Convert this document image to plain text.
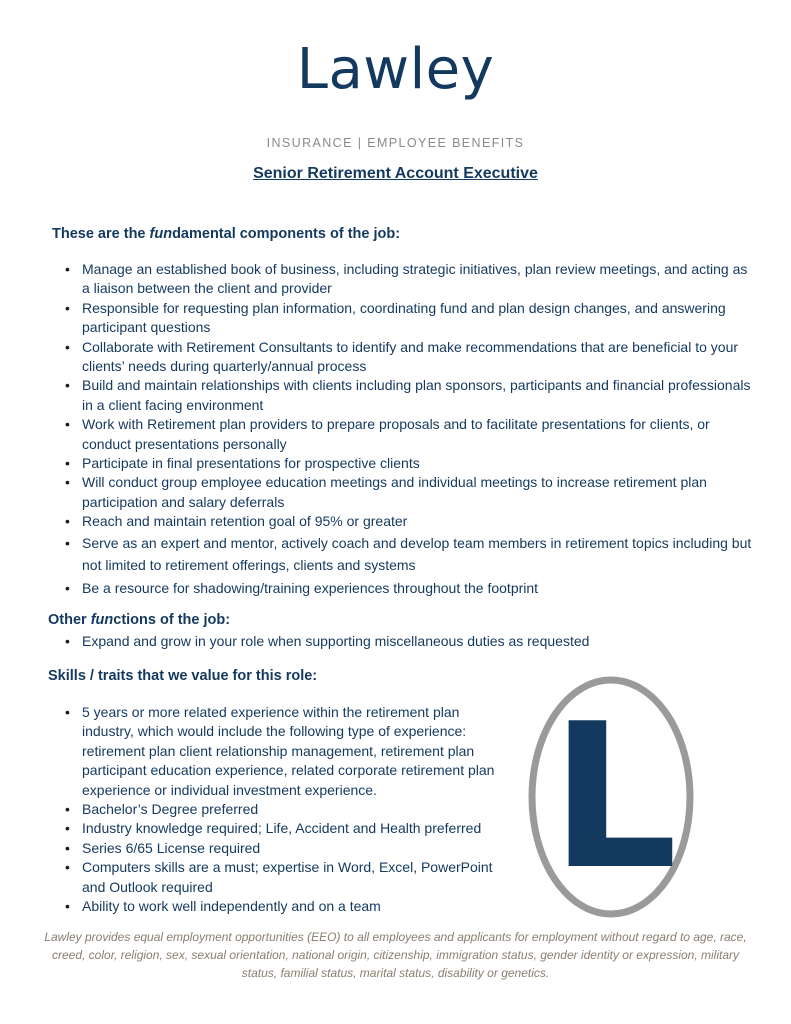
Lawley
INSURANCE | EMPLOYEE BENEFITS
Senior Retirement Account Executive
These are the fundamental components of the job:
• Manage an established book of business, including strategic initiatives, plan review meetings, and acting as a liaison between the client and provider
• Responsible for requesting plan information, coordinating fund and plan design changes, and answering participant questions
• Collaborate with Retirement Consultants to identify and make recommendations that are beneficial to your clients’ needs during quarterly/annual process
• Build and maintain relationships with clients including plan sponsors, participants and financial professionals in a client facing environment
• Work with Retirement plan providers to prepare proposals and to facilitate presentations for clients, or conduct presentations personally
• Participate in final presentations for prospective clients
• Will conduct group employee education meetings and individual meetings to increase retirement plan participation and salary deferrals
• Reach and maintain retention goal of 95% or greater
• Serve as an expert and mentor, actively coach and develop team members in retirement topics including but not limited to retirement offerings, clients and systems
• Be a resource for shadowing/training experiences throughout the footprint
Other functions of the job:
• Expand and grow in your role when supporting miscellaneous duties as requested
Skills / traits that we value for this role:
• 5 years or more related experience within the retirement plan industry, which would include the following type of experience: retirement plan client relationship management, retirement plan participant education experience, related corporate retirement plan experience or individual investment experience.
• Bachelor’s Degree preferred
• Industry knowledge required; Life, Accident and Health preferred
• Series 6/65 License required
• Computers skills are a must; expertise in Word, Excel, PowerPoint and Outlook required
• Ability to work well independently and on a team L
Lawley provides equal employment opportunities (EEO) to all employees and applicants for employment without regard to age, race, creed, color, religion, sex, sexual orientation, national origin, citizenship, immigration status, gender identity or expression, military status, familial status, marital status, disability or genetics.
